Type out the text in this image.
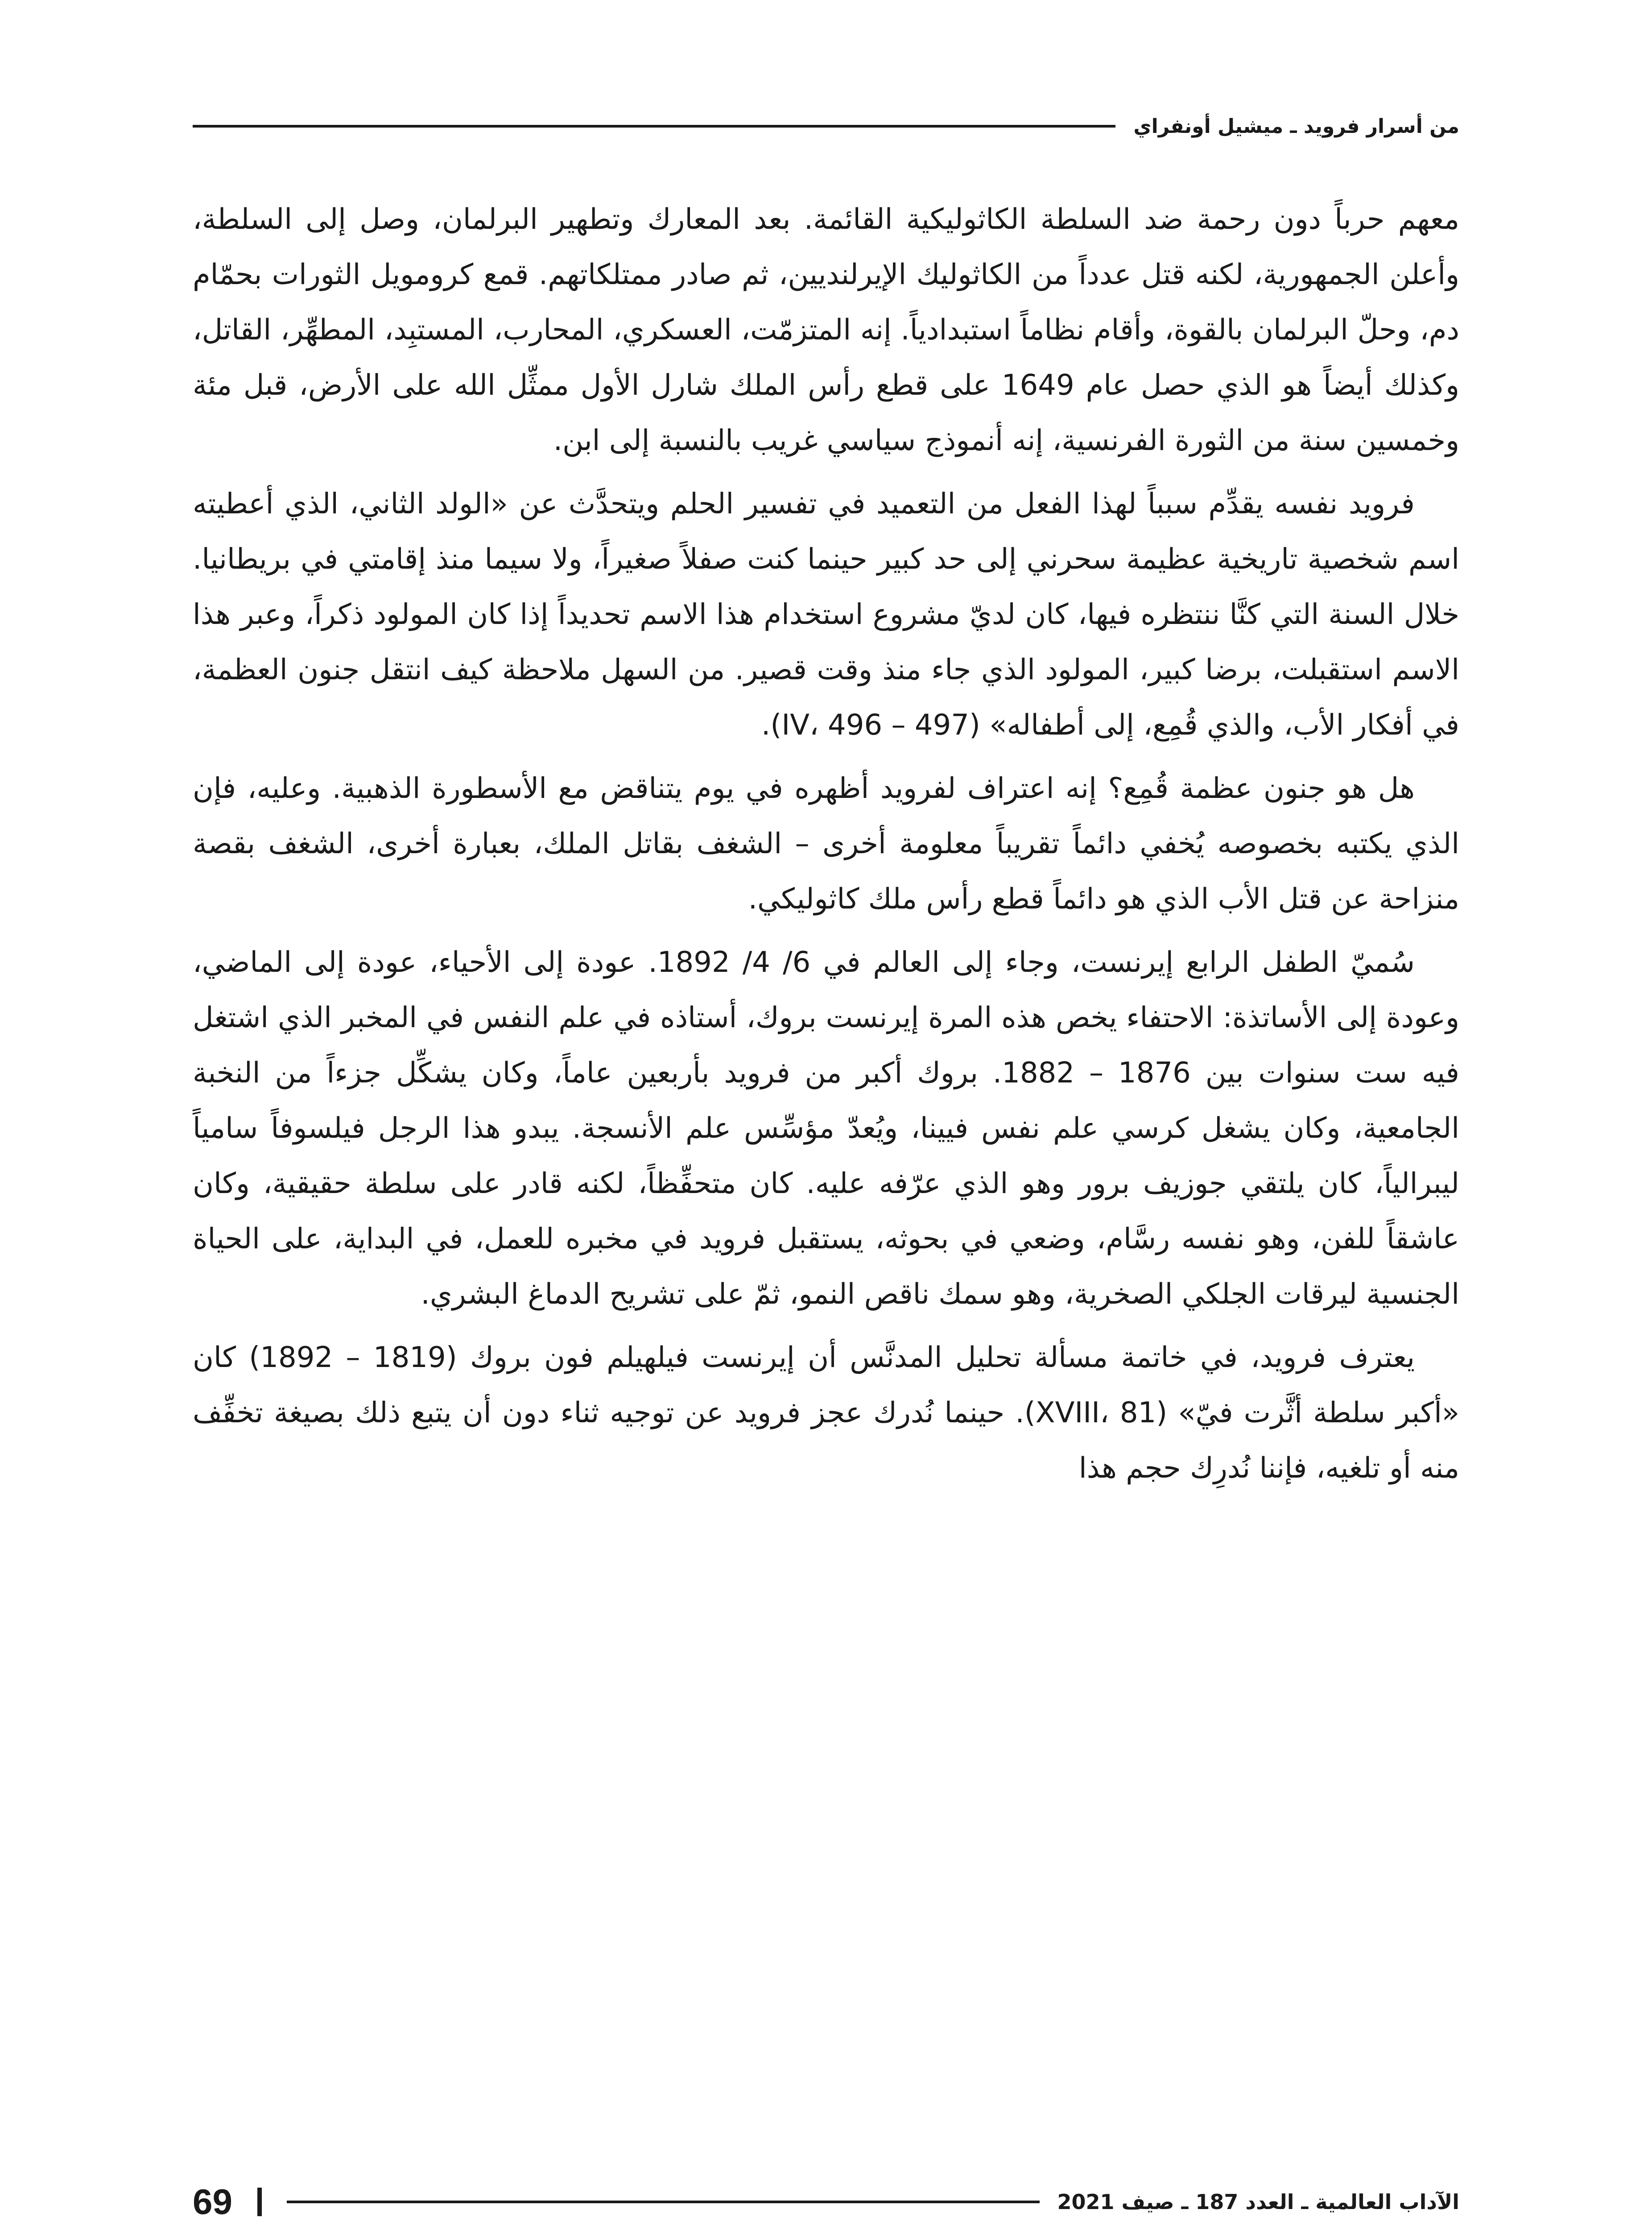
من أسرار فرويد ـ ميشيل أونفراي

معهم حرباً دون رحمة ضد السلطة الكاثوليكية القائمة. بعد المعارك وتطهير البرلمان، وصل إلى السلطة، وأعلن الجمهورية، لكنه قتل عدداً من الكاثوليك الإيرلنديين، ثم صادر ممتلكاتهم. قمع كرومويل الثورات بحمّام دم، وحلّ البرلمان بالقوة، وأقام نظاماً استبدادياً. إنه المتزمّت، العسكري، المحارب، المستبِد، المطهِّر، القاتل، وكذلك أيضاً هو الذي حصل عام 1649 على قطع رأس الملك شارل الأول ممثِّل الله على الأرض، قبل مئة وخمسين سنة من الثورة الفرنسية، إنه أنموذج سياسي غريب بالنسبة إلى ابن.

فرويد نفسه يقدِّم سبباً لهذا الفعل من التعميد في تفسير الحلم ويتحدَّث عن «الولد الثاني، الذي أعطيته اسم شخصية تاريخية عظيمة سحرني إلى حد كبير حينما كنت صفلاً صغيراً، ولا سيما منذ إقامتي في بريطانيا. خلال السنة التي كنَّا ننتظره فيها، كان لديّ مشروع استخدام هذا الاسم تحديداً إذا كان المولود ذكراً، وعبر هذا الاسم استقبلت، برضا كبير، المولود الذي جاء منذ وقت قصير. من السهل ملاحظة كيف انتقل جنون العظمة، في أفكار الأب، والذي قُمِع، إلى أطفاله» (497 – 496 ،IV).

هل هو جنون عظمة قُمِع؟ إنه اعتراف لفرويد أظهره في يوم يتناقض مع الأسطورة الذهبية. وعليه، فإن الذي يكتبه بخصوصه يُخفي دائماً تقريباً معلومة أخرى – الشغف بقاتل الملك، بعبارة أخرى، الشغف بقصة منزاحة عن قتل الأب الذي هو دائماً قطع رأس ملك كاثوليكي.

سُميّ الطفل الرابع إيرنست، وجاء إلى العالم في 6/ 4/ 1892. عودة إلى الأحياء، عودة إلى الماضي، وعودة إلى الأساتذة: الاحتفاء يخص هذه المرة إيرنست بروك، أستاذه في علم النفس في المخبر الذي اشتغل فيه ست سنوات بين 1876 – 1882. بروك أكبر من فرويد بأربعين عاماً، وكان يشكِّل جزءاً من النخبة الجامعية، وكان يشغل كرسي علم نفس فيينا، ويُعدّ مؤسِّس علم الأنسجة. يبدو هذا الرجل فيلسوفاً سامياً ليبرالياً، كان يلتقي جوزيف برور وهو الذي عرّفه عليه. كان متحفِّظاً، لكنه قادر على سلطة حقيقية، وكان عاشقاً للفن، وهو نفسه رسَّام، وضعي في بحوثه، يستقبل فرويد في مخبره للعمل، في البداية، على الحياة الجنسية ليرقات الجلكي الصخرية، وهو سمك ناقص النمو، ثمّ على تشريح الدماغ البشري.

يعترف فرويد، في خاتمة مسألة تحليل المدنَّس أن إيرنست فيلهيلم فون بروك (1819 – 1892) كان «أكبر سلطة أثَّرت فيّ» (81 ،XVIII). حينما نُدرك عجز فرويد عن توجيه ثناء دون أن يتبع ذلك بصيغة تخفِّف منه أو تلغيه، فإننا نُدرِك حجم هذا

الآداب العالمية ـ العدد 187 ـ صيف 2021
69
